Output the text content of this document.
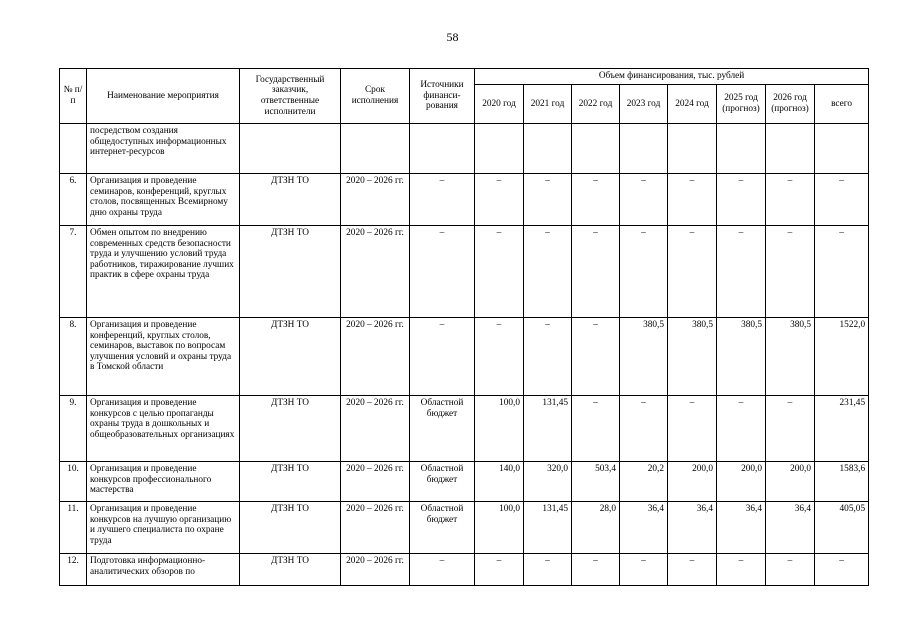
58
№ п/п	Наименование мероприятия	Государственный заказчик, ответственные исполнители	Срок исполнения	Источники финанси-рования	Объем финансирования, тыс. рублей							
					2020 год	2021 год	2022 год	2023 год	2024 год	2025 год (прогноз)	2026 год (прогноз)	всего
	посредством создания общедоступных информационных интернет-ресурсов											
6.	Организация и проведение семинаров, конференций, круглых столов, посвященных Всемирному дню охраны труда	ДТЗН ТО	2020 – 2026 гг.	–	–	–	–	–	–	–	–	–
7.	Обмен опытом по внедрению современных средств безопасности труда и улучшению условий труда работников, тиражирование лучших практик в сфере охраны труда	ДТЗН ТО	2020 – 2026 гг.	–	–	–	–	–	–	–	–	–
8.	Организация и проведение конференций, круглых столов, семинаров, выставок по вопросам улучшения условий и охраны труда в Томской области	ДТЗН ТО	2020 – 2026 гг.	–	–	–	–	380,5	380,5	380,5	380,5	1522,0
9.	Организация и проведение конкурсов с целью пропаганды охраны труда в дошкольных и общеобразовательных организациях	ДТЗН ТО	2020 – 2026 гг.	Областной бюджет	100,0	131,45	–	–	–	–	–	231,45
10.	Организация и проведение конкурсов профессионального мастерства	ДТЗН ТО	2020 – 2026 гг.	Областной бюджет	140,0	320,0	503,4	20,2	200,0	200,0	200,0	1583,6
11.	Организация и проведение конкурсов на лучшую организацию и лучшего специалиста по охране труда	ДТЗН ТО	2020 – 2026 гг.	Областной бюджет	100,0	131,45	28,0	36,4	36,4	36,4	36,4	405,05
12.	Подготовка информационно-аналитических обзоров по	ДТЗН ТО	2020 – 2026 гг.	–	–	–	–	–	–	–	–	–
